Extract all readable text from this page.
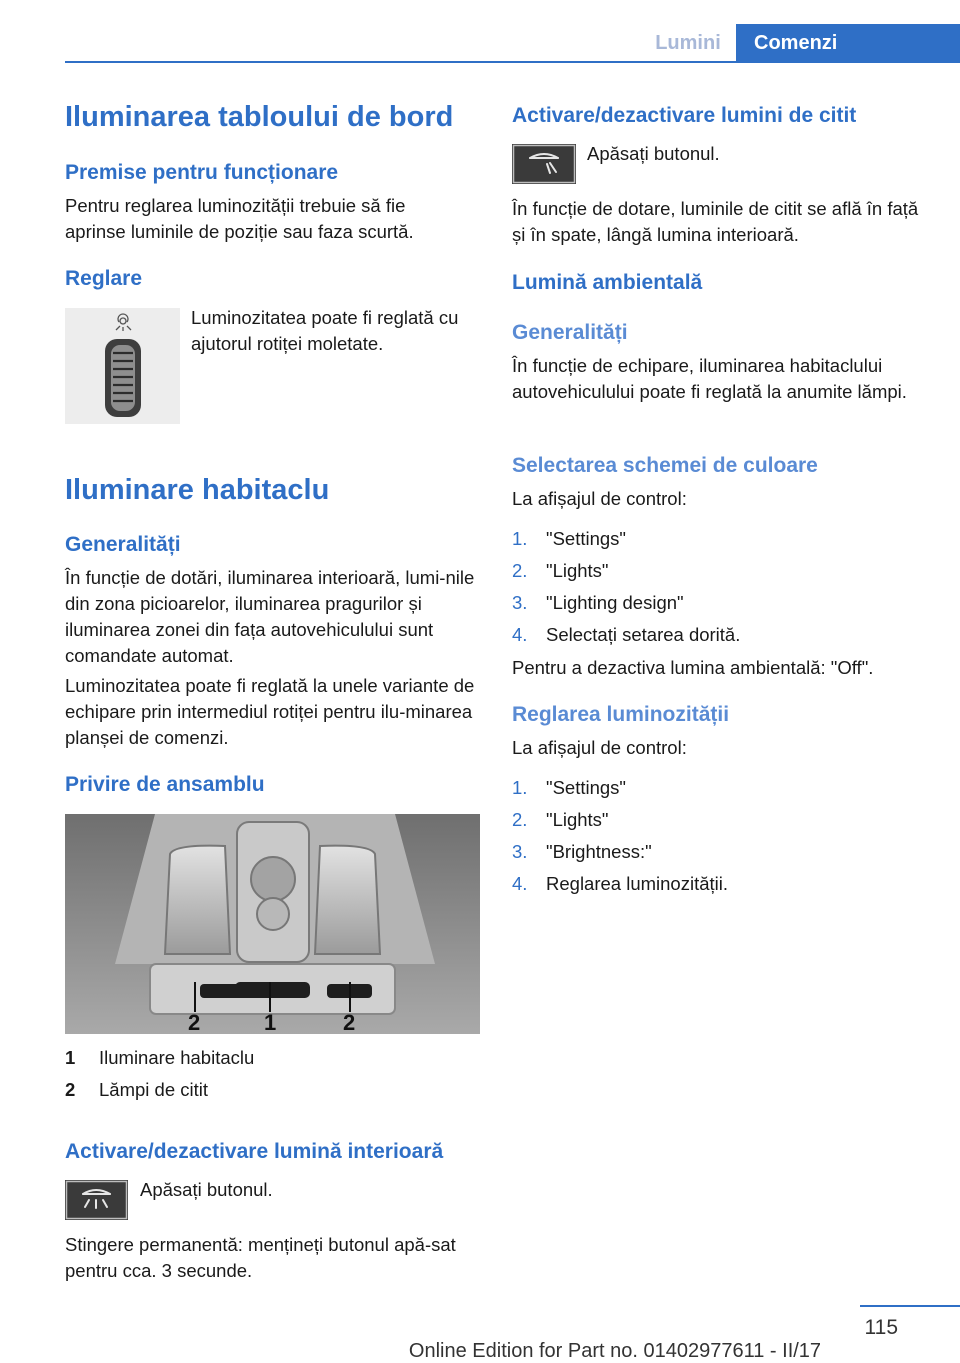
Lumini	Comenzi
Iluminarea tabloului de bord
Premise pentru funcționare

Pentru reglarea luminozității trebuie să fie aprinse luminile de poziție sau faza scurtă.

Reglare

Luminozitatea poate fi reglată cu ajutorul rotiței moletate.

Iluminare habitaclu
Generalități

În funcție de dotări, iluminarea interioară, lumi-nile din zona picioarelor, iluminarea pragurilor și iluminarea zonei din fața autovehiculului sunt comandate automat.

Luminozitatea poate fi reglată la unele variante de echipare prin intermediul rotiței pentru ilu-minarea planșei de comenzi.

Privire de ansamblu
2	1	2
1 Iluminare habitaclu
2 Lămpi de citit
Activare/dezactivare lumină interioară

Apăsați butonul.

Stingere permanentă: mențineți butonul apă-sat pentru cca. 3 secunde.

Activare/dezactivare lumini de citit

Apăsați butonul.

În funcție de dotare, luminile de citit se află în față și în spate, lângă lumina interioară.

Lumină ambientală
Generalități

În funcție de echipare, iluminarea habitaclului autovehiculului poate fi reglată la anumite lămpi.

Selectarea schemei de culoare

La afișajul de control:

1. "Settings"
2. "Lights"
3. "Lighting design"
4. Selectați setarea dorită.

Pentru a dezactiva lumina ambientală: "Off".

Reglarea luminozității

La afișajul de control:

1. "Settings"
2. "Lights"
3. "Brightness:"
4. Reglarea luminozității.
115
Online Edition for Part no. 01402977611 - II/17
